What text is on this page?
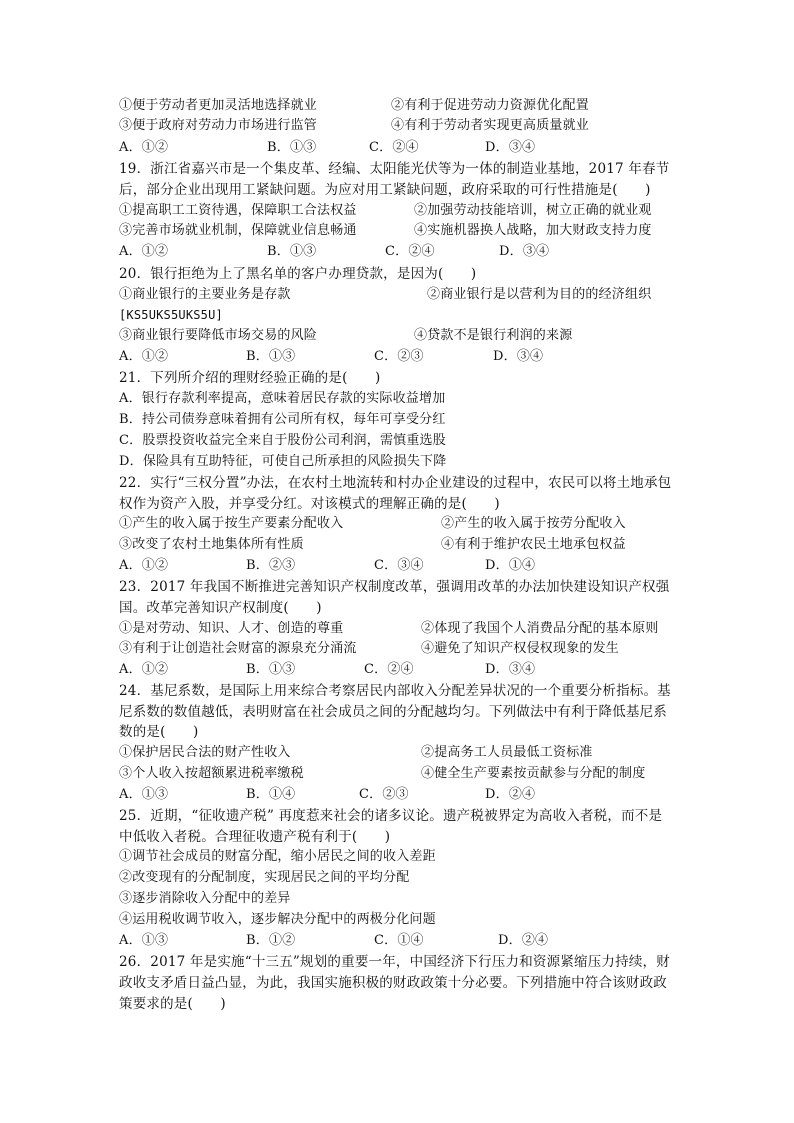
①便于劳动者更加灵活地选择就业	②有利于促进劳动力资源优化配置
③便于政府对劳动力市场进行监管	④有利于劳动者实现更高质量就业
A．①②	B．①③	C．②④	D．③④
19．浙江省嘉兴市是一个集皮革、经编、太阳能光伏等为一体的制造业基地，2017 年春节
后，部分企业出现用工紧缺问题。为应对用工紧缺问题，政府采取的可行性措施是(　　)
①提高职工工资待遇，保障职工合法权益	②加强劳动技能培训，树立正确的就业观
③完善市场就业机制，保障就业信息畅通	④实施机器换人战略，加大财政支持力度
A．①②	B．①③	C．②④	D．③④
20．银行拒绝为上了黑名单的客户办理贷款，是因为(　　)
①商业银行的主要业务是存款	②商业银行是以营利为目的的经济组织
[KS5UKS5UKS5U]
③商业银行要降低市场交易的风险	④贷款不是银行利润的来源
A．①②	B．①③	C．②③	D．③④
21．下列所介绍的理财经验正确的是(　　)
A．银行存款利率提高，意味着居民存款的实际收益增加
B．持公司债券意味着拥有公司所有权，每年可享受分红
C．股票投资收益完全来自于股份公司利润，需慎重选股
D．保险具有互助特征，可使自己所承担的风险损失下降
22．实行“三权分置”办法，在农村土地流转和村办企业建设的过程中，农民可以将土地承包
权作为资产入股，并享受分红。对该模式的理解正确的是(　　)
①产生的收入属于按生产要素分配收入	②产生的收入属于按劳分配收入
③改变了农村土地集体所有性质	④有利于维护农民土地承包权益
A．①②	B．②③	C．③④	D．①④
23．2017 年我国不断推进完善知识产权制度改革，强调用改革的办法加快建设知识产权强
国。改革完善知识产权制度(　　)
①是对劳动、知识、人才、创造的尊重	②体现了我国个人消费品分配的基本原则
③有利于让创造社会财富的源泉充分涌流	④避免了知识产权侵权现象的发生
A．①②	B．①③	C．②④	D．③④
24．基尼系数，是国际上用来综合考察居民内部收入分配差异状况的一个重要分析指标。基
尼系数的数值越低，表明财富在社会成员之间的分配越均匀。下列做法中有利于降低基尼系
数的是(　　)
①保护居民合法的财产性收入	②提高务工人员最低工资标准
③个人收入按超额累进税率缴税	④健全生产要素按贡献参与分配的制度
A．①③	B．①④	C．②③	D．②④
25．近期，“征收遗产税” 再度惹来社会的诸多议论。遗产税被界定为高收入者税，而不是
中低收入者税。合理征收遗产税有利于(　　)
①调节社会成员的财富分配，缩小居民之间的收入差距
②改变现有的分配制度，实现居民之间的平均分配
③逐步消除收入分配中的差异
④运用税收调节收入，逐步解决分配中的两极分化问题
A．①③	B．①②	C．①④	D．②④
26．2017 年是实施“十三五”规划的重要一年，中国经济下行压力和资源紧缩压力持续，财
政收支矛盾日益凸显，为此，我国实施积极的财政政策十分必要。下列措施中符合该财政政
策要求的是(　　)
